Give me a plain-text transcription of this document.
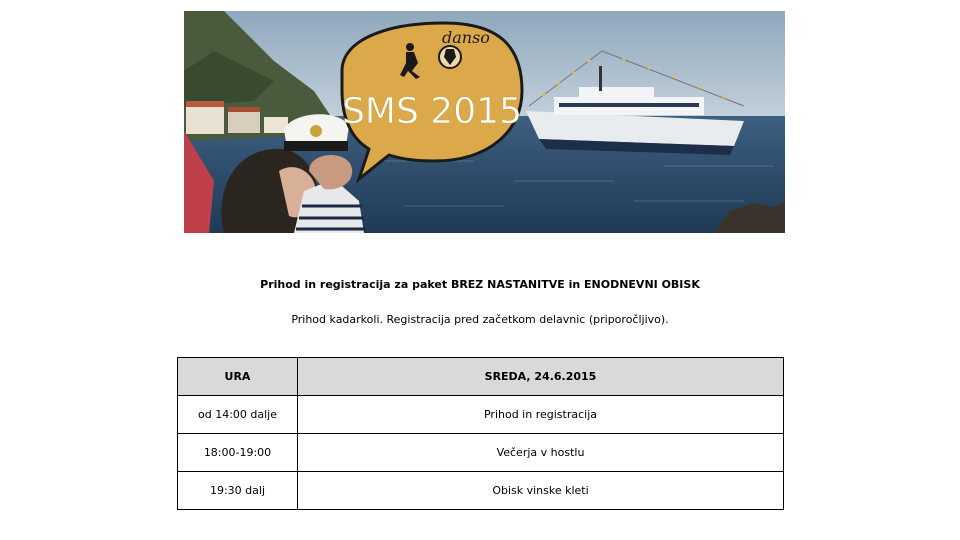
danso
SMS 2015
Prihod in registracija za paket BREZ NASTANITVE in ENODNEVNI OBISK
Prihod kadarkoli. Registracija pred začetkom delavnic (priporočljivo).
URA	SREDA, 24.6.2015
od 14:00 dalje	Prihod in registracija
18:00-19:00	Večerja v hostlu
19:30 dalj	Obisk vinske kleti
